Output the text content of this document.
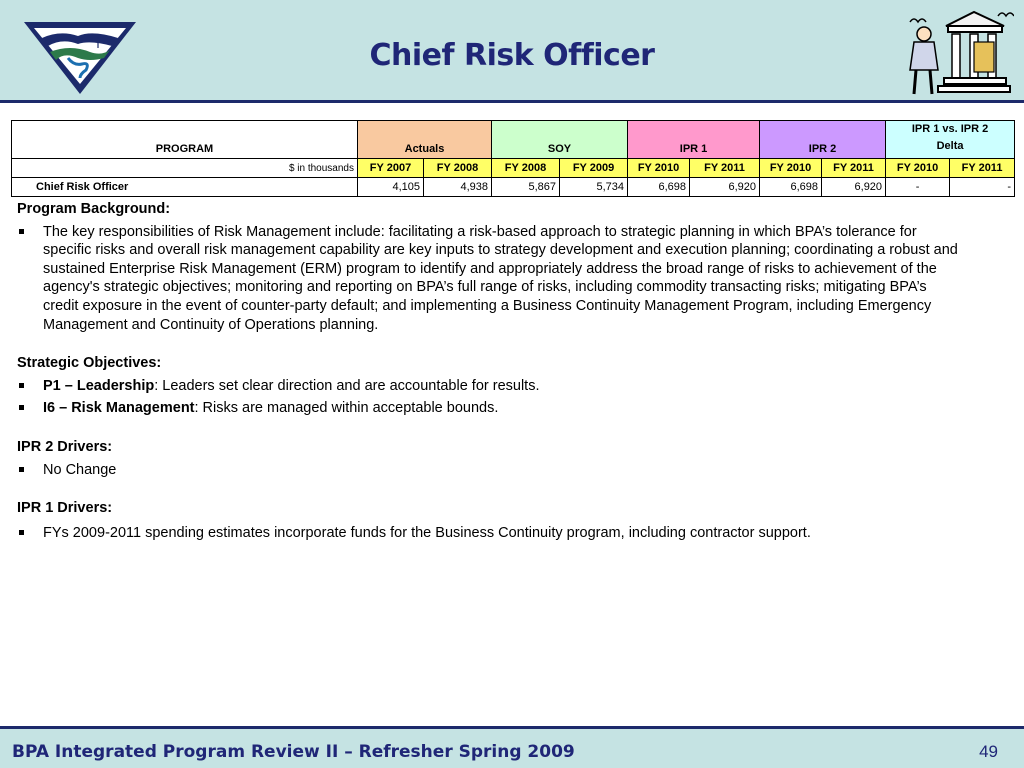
Chief Risk Officer
PROGRAM	Actuals		SOY		IPR 1		IPR 2		IPR 1 vs. IPR 2
Delta	
$ in thousands	FY 2007	FY 2008	FY 2008	FY 2009	FY 2010	FY 2011	FY 2010	FY 2011	FY 2010	FY 2011
Chief Risk Officer	4,105	4,938	5,867	5,734	6,698	6,920	6,698	6,920	-	-
Program Background:
The key responsibilities of Risk Management include: facilitating a risk-based approach to strategic planning in which BPA’s tolerance for specific risks and overall risk management capability are key inputs to strategy development and execution planning; coordinating a robust and sustained Enterprise Risk Management (ERM) program to identify and appropriately address the broad range of risks to achievement of the agency's strategic objectives; monitoring and reporting on BPA’s full range of risks, including commodity transacting risks; mitigating BPA’s credit exposure in the event of counter-party default; and implementing a Business Continuity Management Program, including Emergency Management and Continuity of Operations planning.
Strategic Objectives:
P1 – Leadership: Leaders set clear direction and are accountable for results.
I6 – Risk Management: Risks are managed within acceptable bounds.
IPR 2 Drivers:
No Change
IPR 1 Drivers:
FYs 2009-2011 spending estimates incorporate funds for the Business Continuity program, including contractor support.
BPA Integrated Program Review II – Refresher Spring 2009	49
